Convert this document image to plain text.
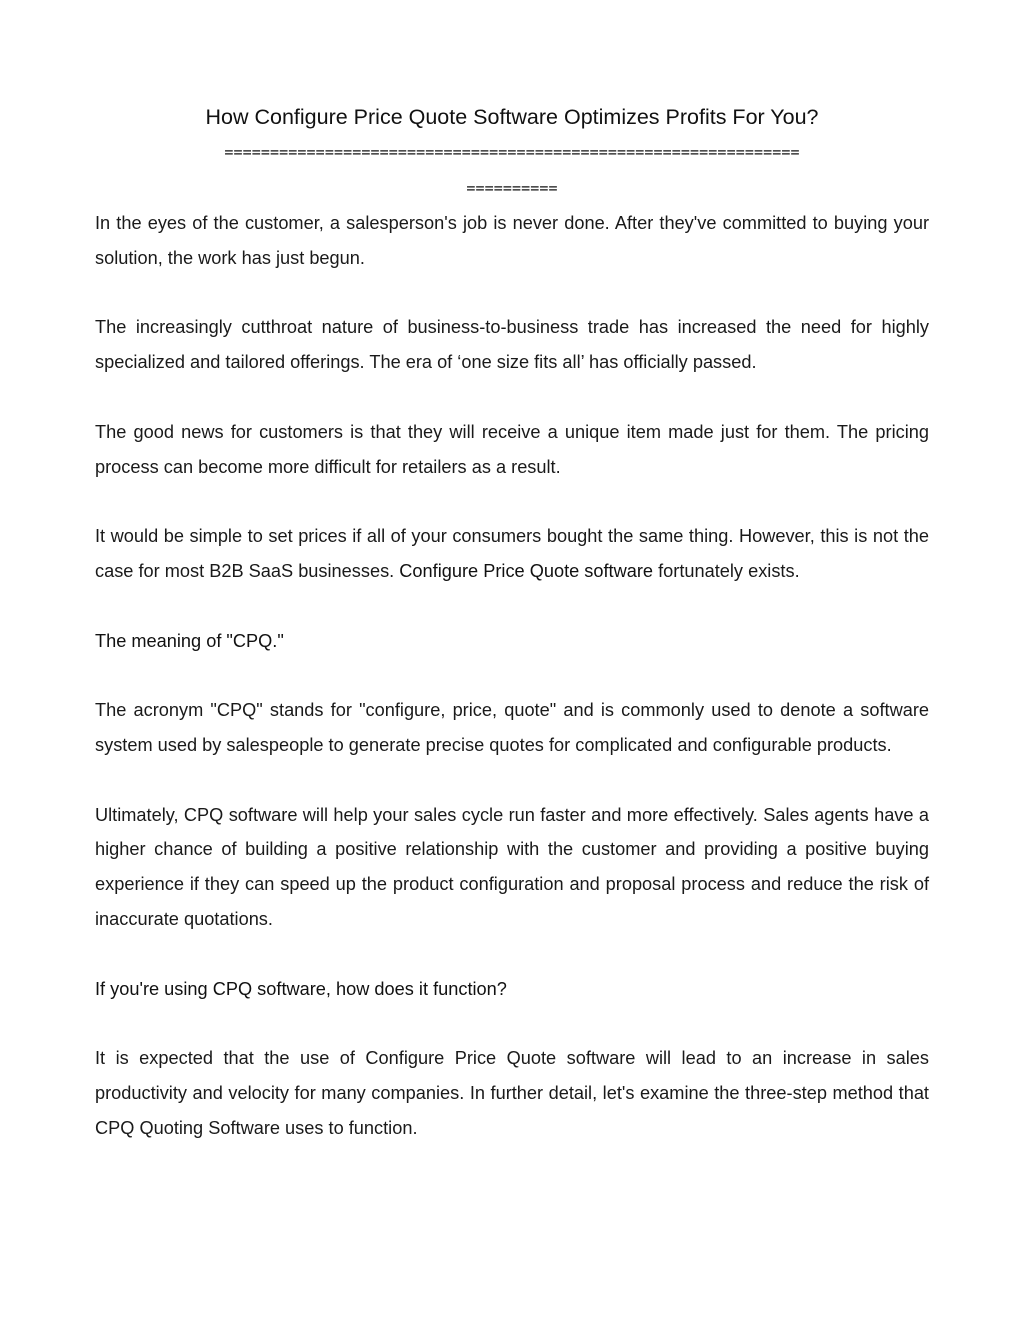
How Configure Price Quote Software Optimizes Profits For You?
===============================================================
==========

In the eyes of the customer, a salesperson's job is never done. After they've committed to buying your solution, the work has just begun.

The increasingly cutthroat nature of business-to-business trade has increased the need for highly specialized and tailored offerings. The era of ‘one size fits all’ has officially passed.

The good news for customers is that they will receive a unique item made just for them. The pricing process can become more difficult for retailers as a result.

It would be simple to set prices if all of your consumers bought the same thing. However, this is not the case for most B2B SaaS businesses. Configure Price Quote software fortunately exists.

The meaning of "CPQ."

The acronym "CPQ" stands for "configure, price, quote" and is commonly used to denote a software system used by salespeople to generate precise quotes for complicated and configurable products.

Ultimately, CPQ software will help your sales cycle run faster and more effectively. Sales agents have a higher chance of building a positive relationship with the customer and providing a positive buying experience if they can speed up the product configuration and proposal process and reduce the risk of inaccurate quotations.

If you're using CPQ software, how does it function?

It is expected that the use of Configure Price Quote software will lead to an increase in sales productivity and velocity for many companies. In further detail, let's examine the three-step method that CPQ Quoting Software uses to function.
